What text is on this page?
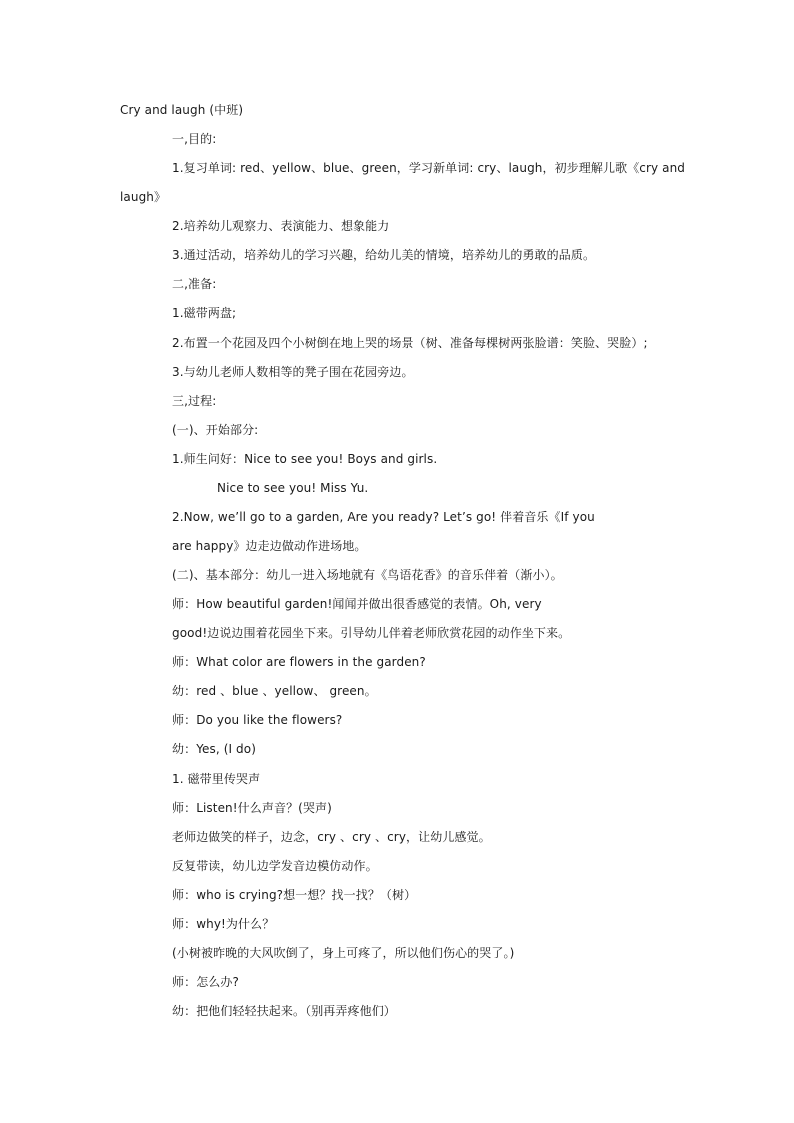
Cry and laugh (中班)
一,目的:
1.复习单词: red、yellow、blue、green，学习新单词: cry、laugh，初步理解儿歌《cry and
laugh》
2.培养幼儿观察力、表演能力、想象能力
3.通过活动，培养幼儿的学习兴趣，给幼儿美的情境，培养幼儿的勇敢的品质。
二,准备:
1.磁带两盘;
2.布置一个花园及四个小树倒在地上哭的场景（树、准备每棵树两张脸谱：笑脸、哭脸）;
3.与幼儿老师人数相等的凳子围在花园旁边。
三,过程:
(一)、开始部分:
1.师生问好：Nice to see you! Boys and girls.
Nice to see you! Miss Yu.
2.Now, we’ll go to a garden, Are you ready? Let’s go! 伴着音乐《If you
are happy》边走边做动作进场地。
(二)、基本部分：幼儿一进入场地就有《鸟语花香》的音乐伴着（渐小）。
师：How beautiful garden!闻闻并做出很香感觉的表情。Oh, very
good!边说边围着花园坐下来。引导幼儿伴着老师欣赏花园的动作坐下来。
师：What color are flowers in the garden?
幼：red 、blue 、yellow、 green。
师：Do you like the flowers?
幼：Yes, (I do)
1. 磁带里传哭声
师：Listen!什么声音？(哭声)
老师边做笑的样子，边念，cry 、cry 、cry，让幼儿感觉。
反复带读，幼儿边学发音边模仿动作。
师：who is crying?想一想？找一找？（树）
师：why!为什么？
(小树被昨晚的大风吹倒了，身上可疼了，所以他们伤心的哭了。)
师：怎么办?
幼：把他们轻轻扶起来。（别再弄疼他们）
